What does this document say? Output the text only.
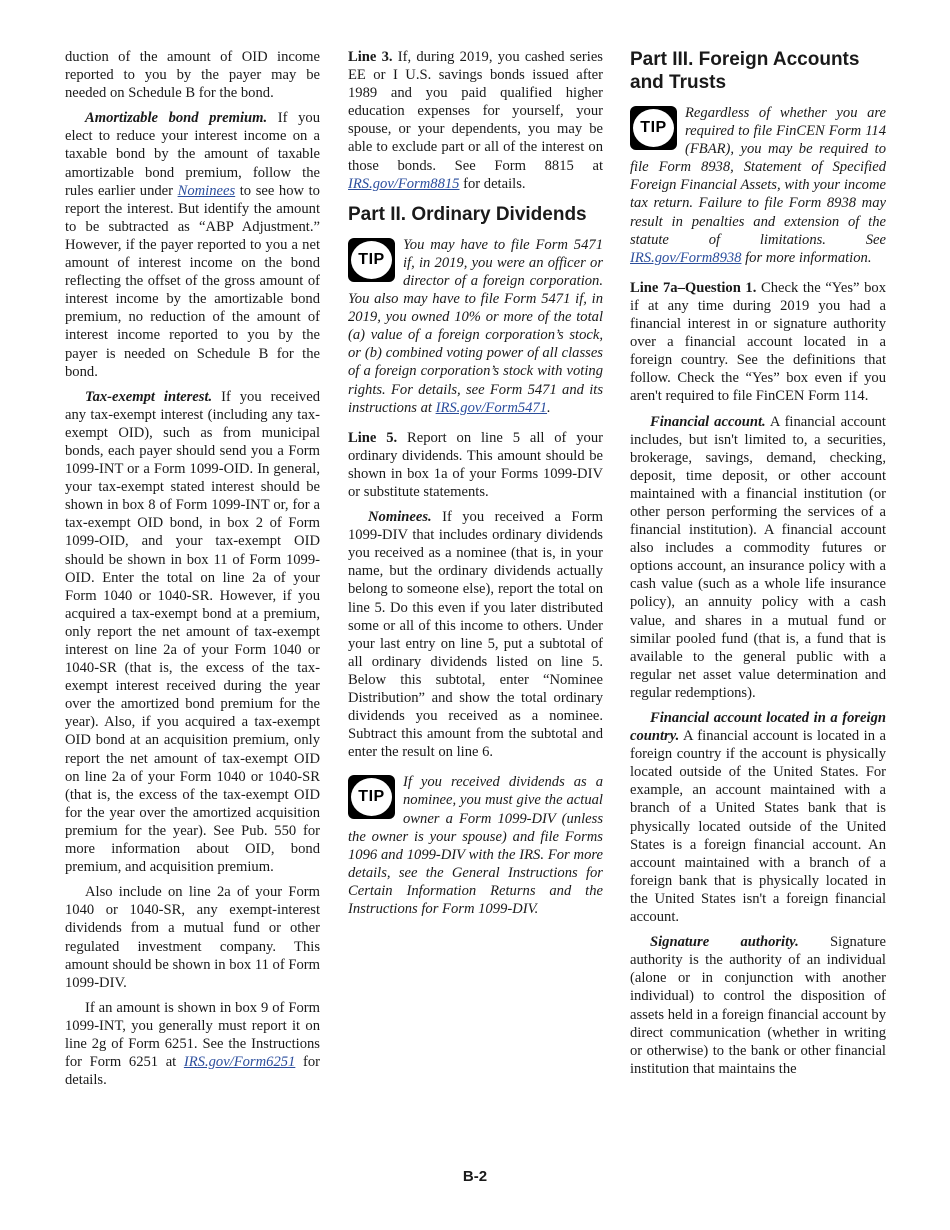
duction of the amount of OID income reported to you by the payer may be needed on Schedule B for the bond.

Amortizable bond premium. If you elect to reduce your interest income on a taxable bond by the amount of taxable amortizable bond premium, follow the rules earlier under Nominees to see how to report the interest. But identify the amount to be subtracted as “ABP Adjustment.” However, if the payer reported to you a net amount of interest income on the bond reflecting the offset of the gross amount of interest income by the amortizable bond premium, no reduction of the amount of interest income reported to you by the payer is needed on Schedule B for the bond.

Tax-exempt interest. If you received any tax-exempt interest (including any tax-exempt OID), such as from municipal bonds, each payer should send you a Form 1099-INT or a Form 1099-OID. In general, your tax-exempt stated interest should be shown in box 8 of Form 1099-INT or, for a tax-exempt OID bond, in box 2 of Form 1099-OID, and your tax-exempt OID should be shown in box 11 of Form 1099-OID. Enter the total on line 2a of your Form 1040 or 1040-SR. However, if you acquired a tax-exempt bond at a premium, only report the net amount of tax-exempt interest on line 2a of your Form 1040 or 1040-SR (that is, the excess of the tax-exempt interest received during the year over the amortized bond premium for the year). Also, if you acquired a tax-exempt OID bond at an acquisition premium, only report the net amount of tax-exempt OID on line 2a of your Form 1040 or 1040-SR (that is, the excess of the tax-exempt OID for the year over the amortized acquisition premium for the year). See Pub. 550 for more information about OID, bond premium, and acquisition premium.

Also include on line 2a of your Form 1040 or 1040-SR, any exempt-interest dividends from a mutual fund or other regulated investment company. This amount should be shown in box 11 of Form 1099-DIV.

If an amount is shown in box 9 of Form 1099-INT, you generally must report it on line 2g of Form 6251. See the Instructions for Form 6251 at IRS.gov/Form6251 for details.

Line 3. If, during 2019, you cashed series EE or I U.S. savings bonds issued after 1989 and you paid qualified higher education expenses for yourself, your spouse, or your dependents, you may be able to exclude part or all of the interest on those bonds. See Form 8815 at IRS.gov/Form8815 for details.

Part II. Ordinary Dividends
TIP
You may have to file Form 5471 if, in 2019, you were an officer or director of a foreign corporation. You also may have to file Form 5471 if, in 2019, you owned 10% or more of the total (a) value of a foreign corporation’s stock, or (b) combined voting power of all classes of a foreign corporation’s stock with voting rights. For details, see Form 5471 and its instructions at IRS.gov/Form5471.

Line 5. Report on line 5 all of your ordinary dividends. This amount should be shown in box 1a of your Forms 1099-DIV or substitute statements.

Nominees. If you received a Form 1099-DIV that includes ordinary dividends you received as a nominee (that is, in your name, but the ordinary dividends actually belong to someone else), report the total on line 5. Do this even if you later distributed some or all of this income to others. Under your last entry on line 5, put a subtotal of all ordinary dividends listed on line 5. Below this subtotal, enter “Nominee Distribution” and show the total ordinary dividends you received as a nominee. Subtract this amount from the subtotal and enter the result on line 6.

TIP
If you received dividends as a nominee, you must give the actual owner a Form 1099-DIV (unless the owner is your spouse) and file Forms 1096 and 1099-DIV with the IRS. For more details, see the General Instructions for Certain Information Returns and the Instructions for Form 1099-DIV.
Part III. Foreign Accounts and Trusts
TIP
Regardless of whether you are required to file FinCEN Form 114 (FBAR), you may be required to file Form 8938, Statement of Specified Foreign Financial Assets, with your income tax return. Failure to file Form 8938 may result in penalties and extension of the statute of limitations. See IRS.gov/Form8938 for more information.

Line 7a–Question 1. Check the “Yes” box if at any time during 2019 you had a financial interest in or signature authority over a financial account located in a foreign country. See the definitions that follow. Check the “Yes” box even if you aren't required to file FinCEN Form 114.

Financial account. A financial account includes, but isn't limited to, a securities, brokerage, savings, demand, checking, deposit, time deposit, or other account maintained with a financial institution (or other person performing the services of a financial institution). A financial account also includes a commodity futures or options account, an insurance policy with a cash value (such as a whole life insurance policy), an annuity policy with a cash value, and shares in a mutual fund or similar pooled fund (that is, a fund that is available to the general public with a regular net asset value determination and regular redemptions).

Financial account located in a foreign country. A financial account is located in a foreign country if the account is physically located outside of the United States. For example, an account maintained with a branch of a United States bank that is physically located outside of the United States is a foreign financial account. An account maintained with a branch of a foreign bank that is physically located in the United States isn't a foreign financial account.

Signature authority. Signature authority is the authority of an individual (alone or in conjunction with another individual) to control the disposition of assets held in a foreign financial account by direct communication (whether in writing or otherwise) to the bank or other financial institution that maintains the

B-2
